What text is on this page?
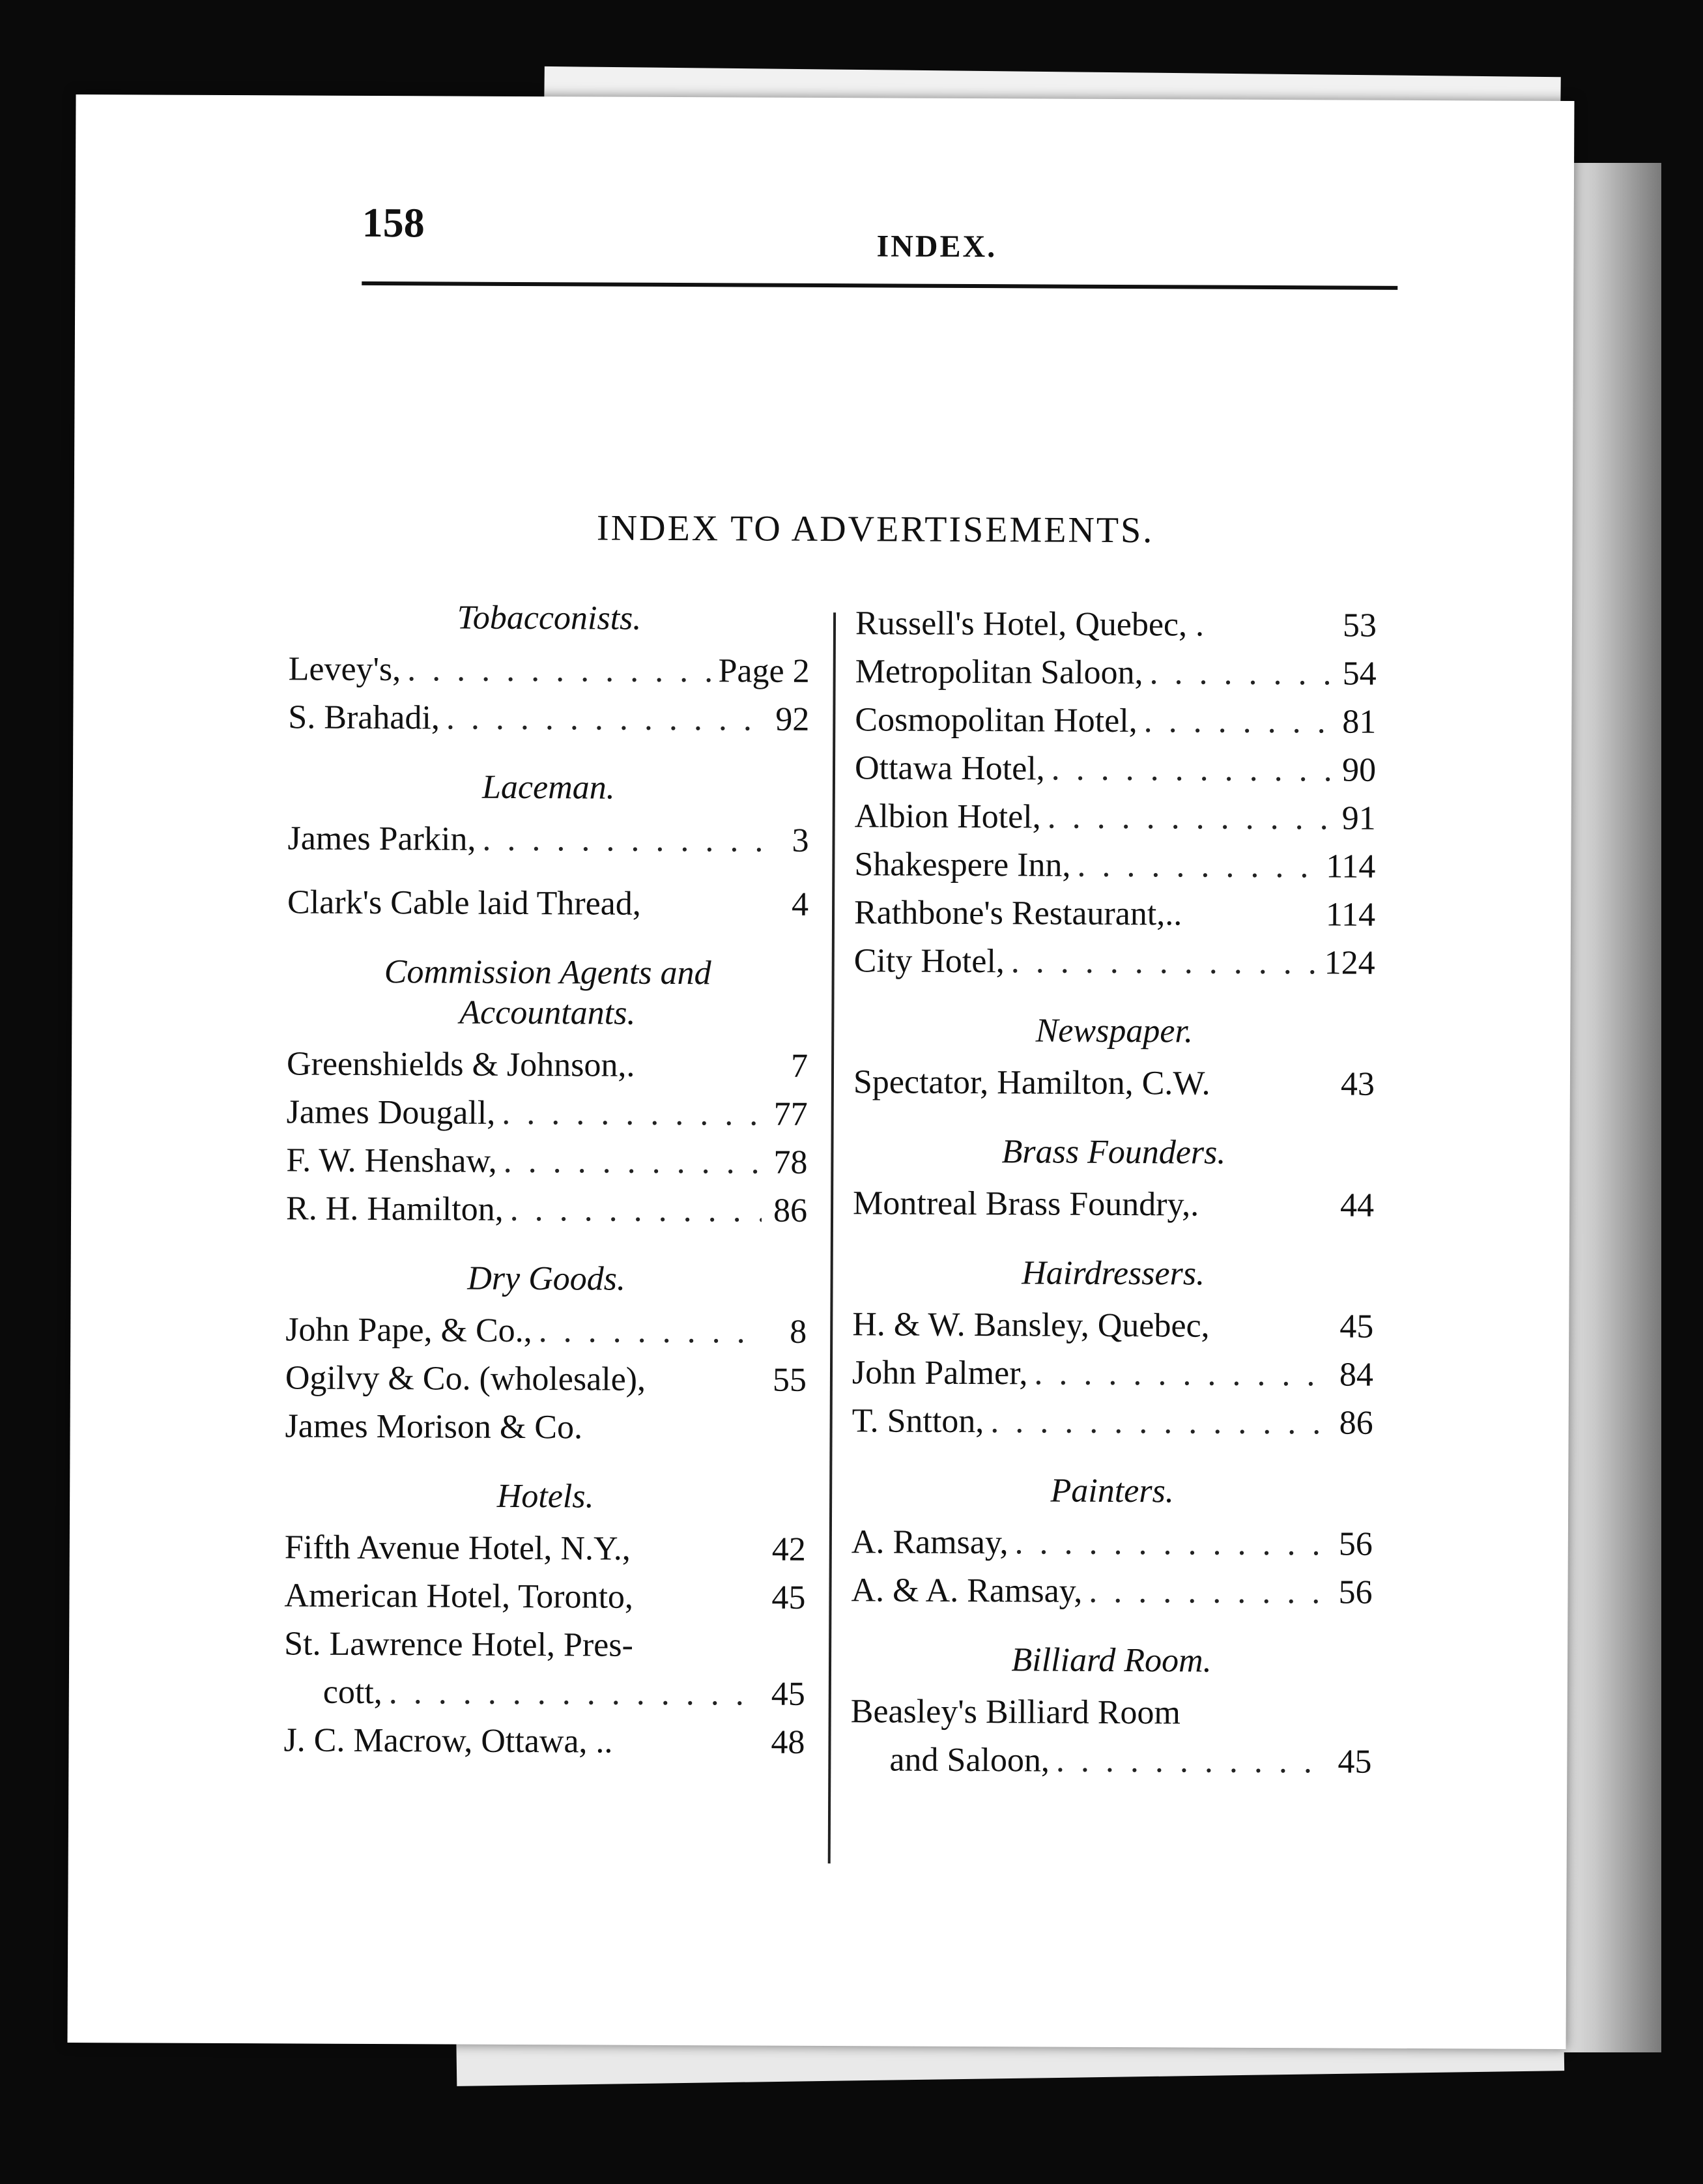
158
INDEX.
INDEX TO ADVERTISEMENTS.
Tobacconists.
Levey's, . . .	Page 2
S. Brahadi, . . .	92
Laceman.
James Parkin, . . .	3
Clark's Cable laid Thread,	4
Commission Agents and
Accountants.
Greenshields & Johnson,.	7
James Dougall, . . .	77
F. W. Henshaw, . . .	78
R. H. Hamilton, . . .	86
Dry Goods.
John Pape, & Co., . . .	8
Ogilvy & Co. (wholesale),	55
James Morison & Co.
Hotels.
Fifth Avenue Hotel, N.Y.,	42
American Hotel, Toronto,	45
St. Lawrence Hotel, Pres-
cott, . . .	45
J. C. Macrow, Ottawa, ..	48
Russell's Hotel, Quebec, .	53
Metropolitan Saloon, . . .	54
Cosmopolitan Hotel, . . .	81
Ottawa Hotel, . . .	90
Albion Hotel, . . .	91
Shakespere Inn, . . .	114
Rathbone's Restaurant,..	114
City Hotel, . . .	124
Newspaper.
Spectator, Hamilton, C.W.	43
Brass Founders.
Montreal Brass Foundry,.	44
Hairdressers.
H. & W. Bansley, Quebec,	45
John Palmer, . . .	84
T. Sntton, . . .	86
Painters.
A. Ramsay, . . .	56
A. & A. Ramsay, . . .	56
Billiard Room.
Beasley's Billiard Room
and Saloon, . . .	45
